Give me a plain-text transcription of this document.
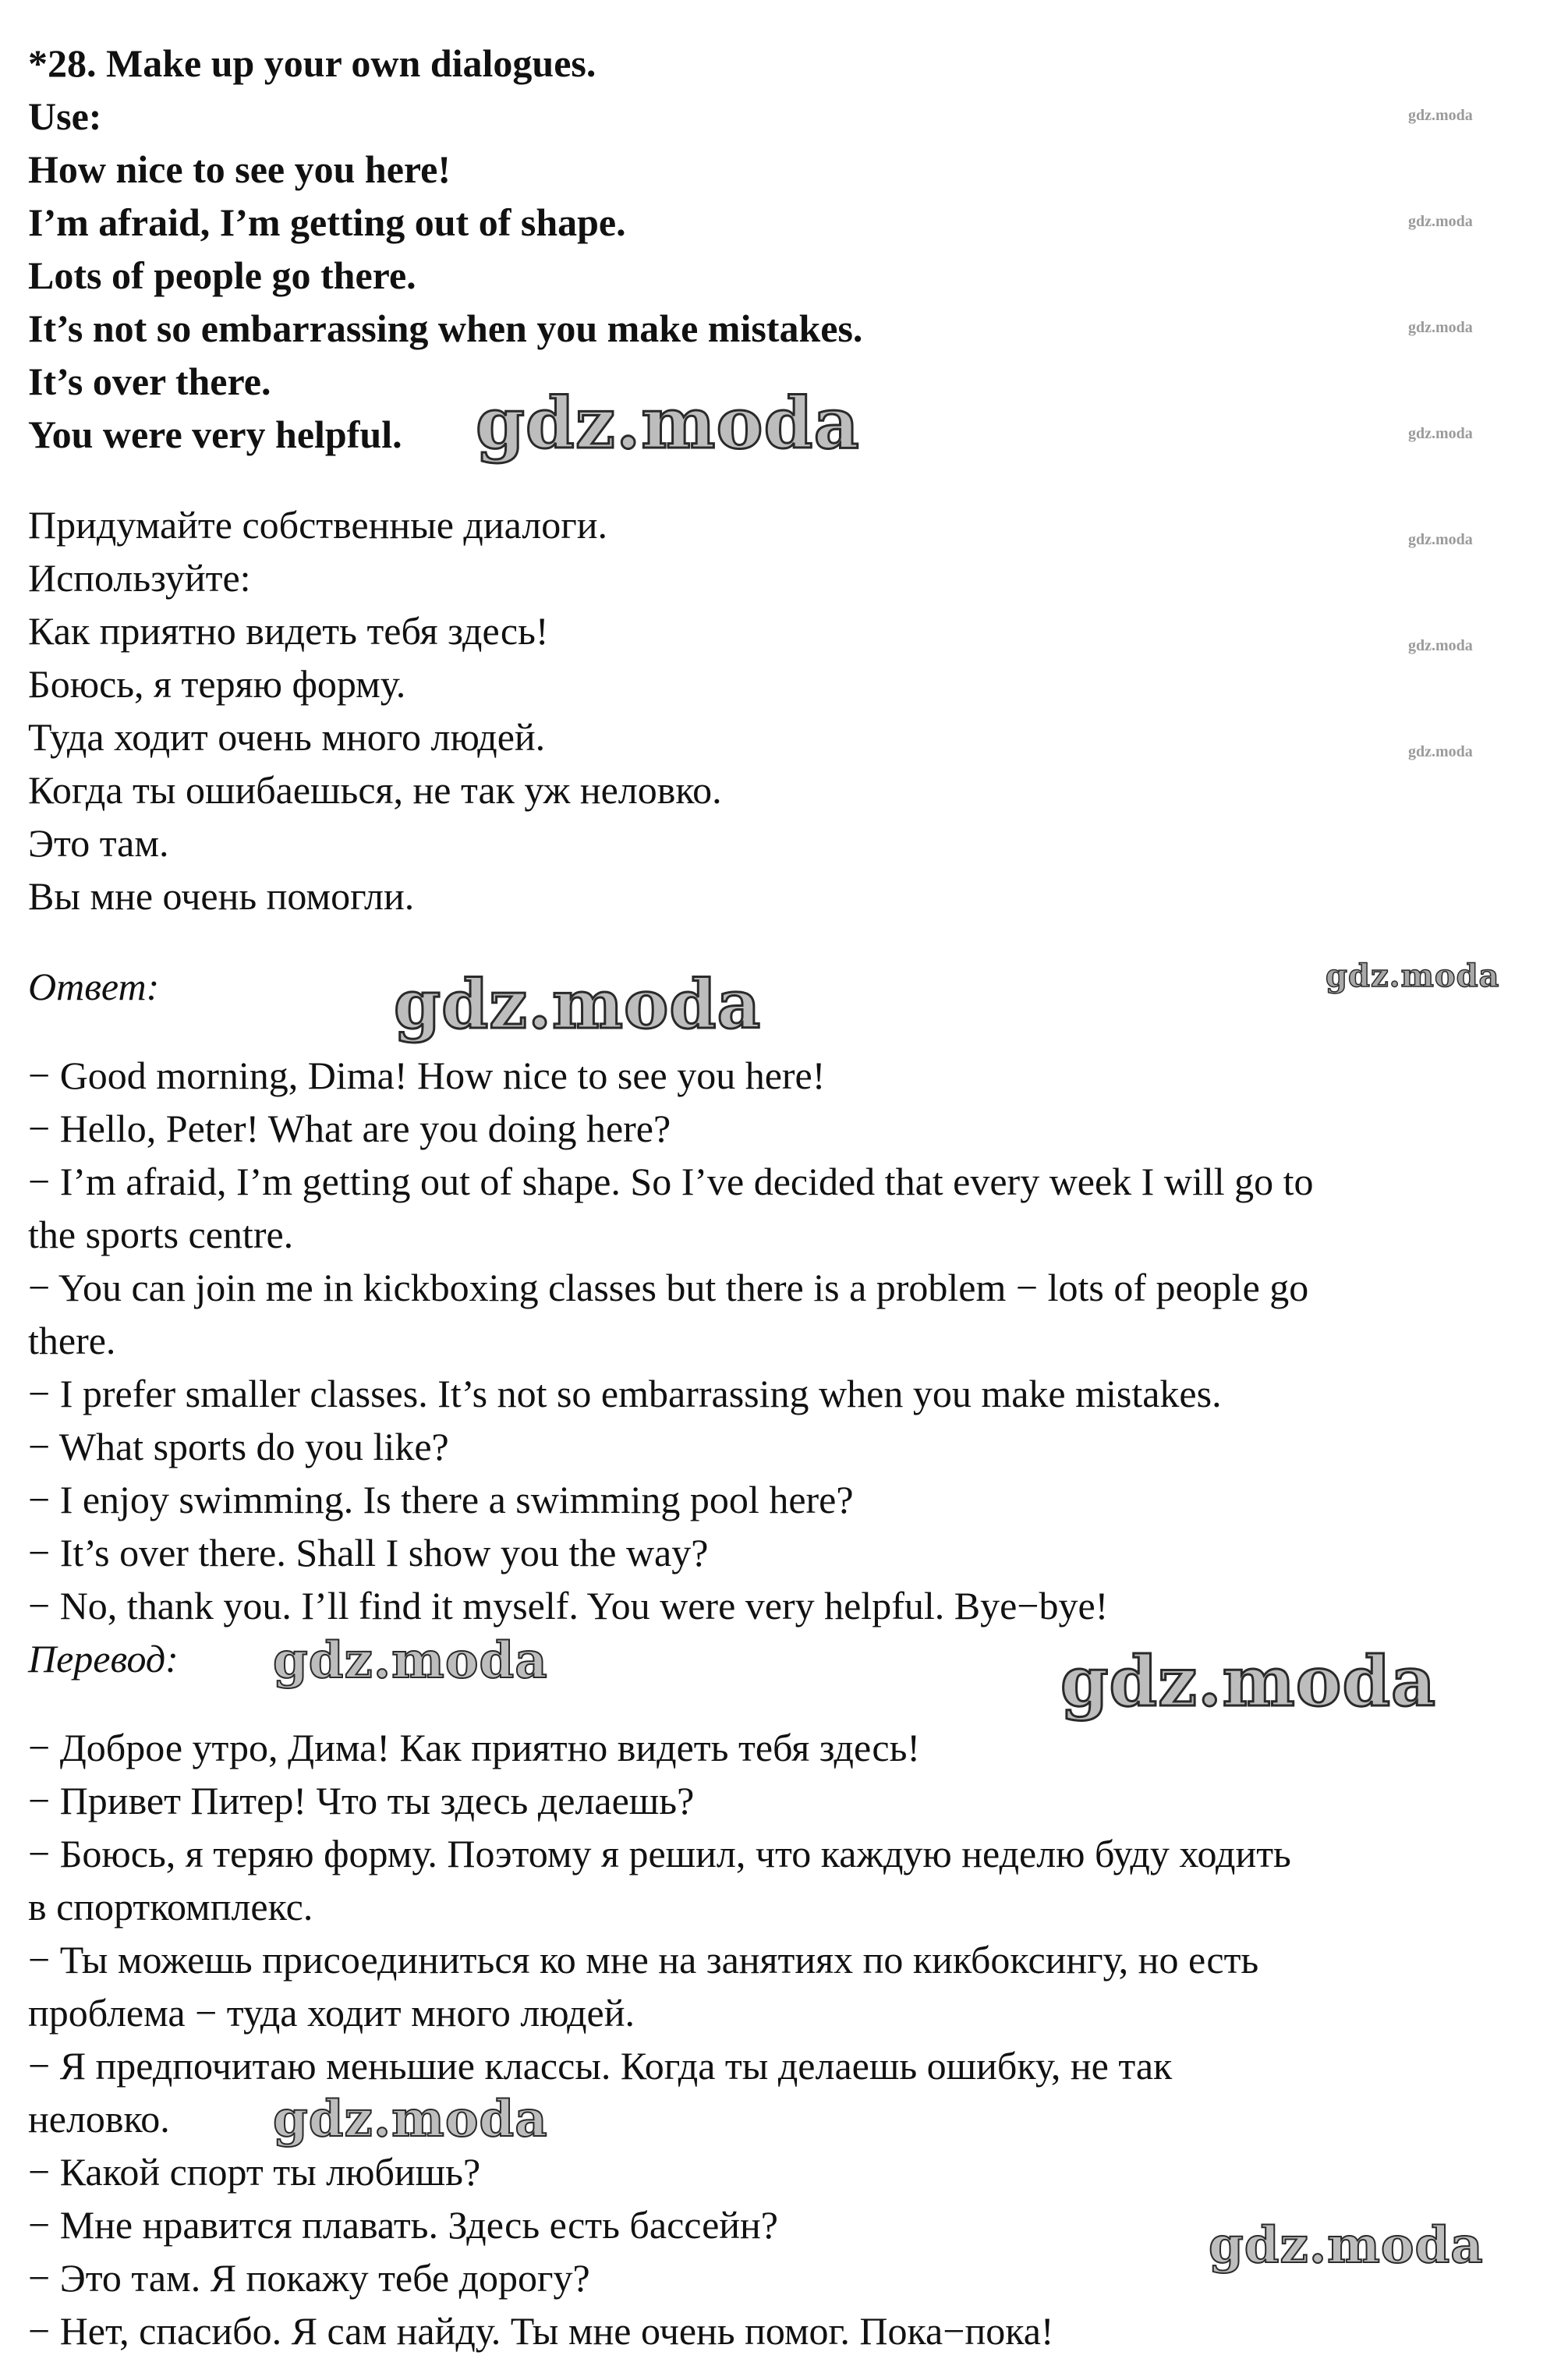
*28. Make up your own dialogues.
Use:
How nice to see you here!
I’m afraid, I’m getting out of shape.
Lots of people go there.
It’s not so embarrassing when you make mistakes.
It’s over there.
You were very helpful.
Придумайте собственные диалоги.
Используйте:
Как приятно видеть тебя здесь!
Боюсь, я теряю форму.
Туда ходит очень много людей.
Когда ты ошибаешься, не так уж неловко.
Это там.
Вы мне очень помогли.
Ответ:
− Good morning, Dima! How nice to see you here!
− Hello, Peter! What are you doing here?
− I’m afraid, I’m getting out of shape. So I’ve decided that every week I will go to
the sports centre.
− You can join me in kickboxing classes but there is a problem − lots of people go
there.
− I prefer smaller classes. It’s not so embarrassing when you make mistakes.
− What sports do you like?
− I enjoy swimming. Is there a swimming pool here?
− It’s over there. Shall I show you the way?
− No, thank you. I’ll find it myself. You were very helpful. Bye−bye!
Перевод:
− Доброе утро, Дима! Как приятно видеть тебя здесь!
− Привет Питер! Что ты здесь делаешь?
− Боюсь, я теряю форму. Поэтому я решил, что каждую неделю буду ходить
в спорткомплекс.
− Ты можешь присоединиться ко мне на занятиях по кикбоксингу, но есть
проблема − туда ходит много людей.
− Я предпочитаю меньшие классы. Когда ты делаешь ошибку, не так
неловко.
− Какой спорт ты любишь?
− Мне нравится плавать. Здесь есть бассейн?
− Это там. Я покажу тебе дорогу?
− Нет, спасибо. Я сам найду. Ты мне очень помог. Пока−пока!
gdz.moda
gdz.moda
gdz.moda
gdz.moda
gdz.moda
gdz.moda
gdz.moda
gdz.moda
gdz.moda	gdz.moda
gdz.moda	gdz.moda
gdz.moda
gdz.moda
